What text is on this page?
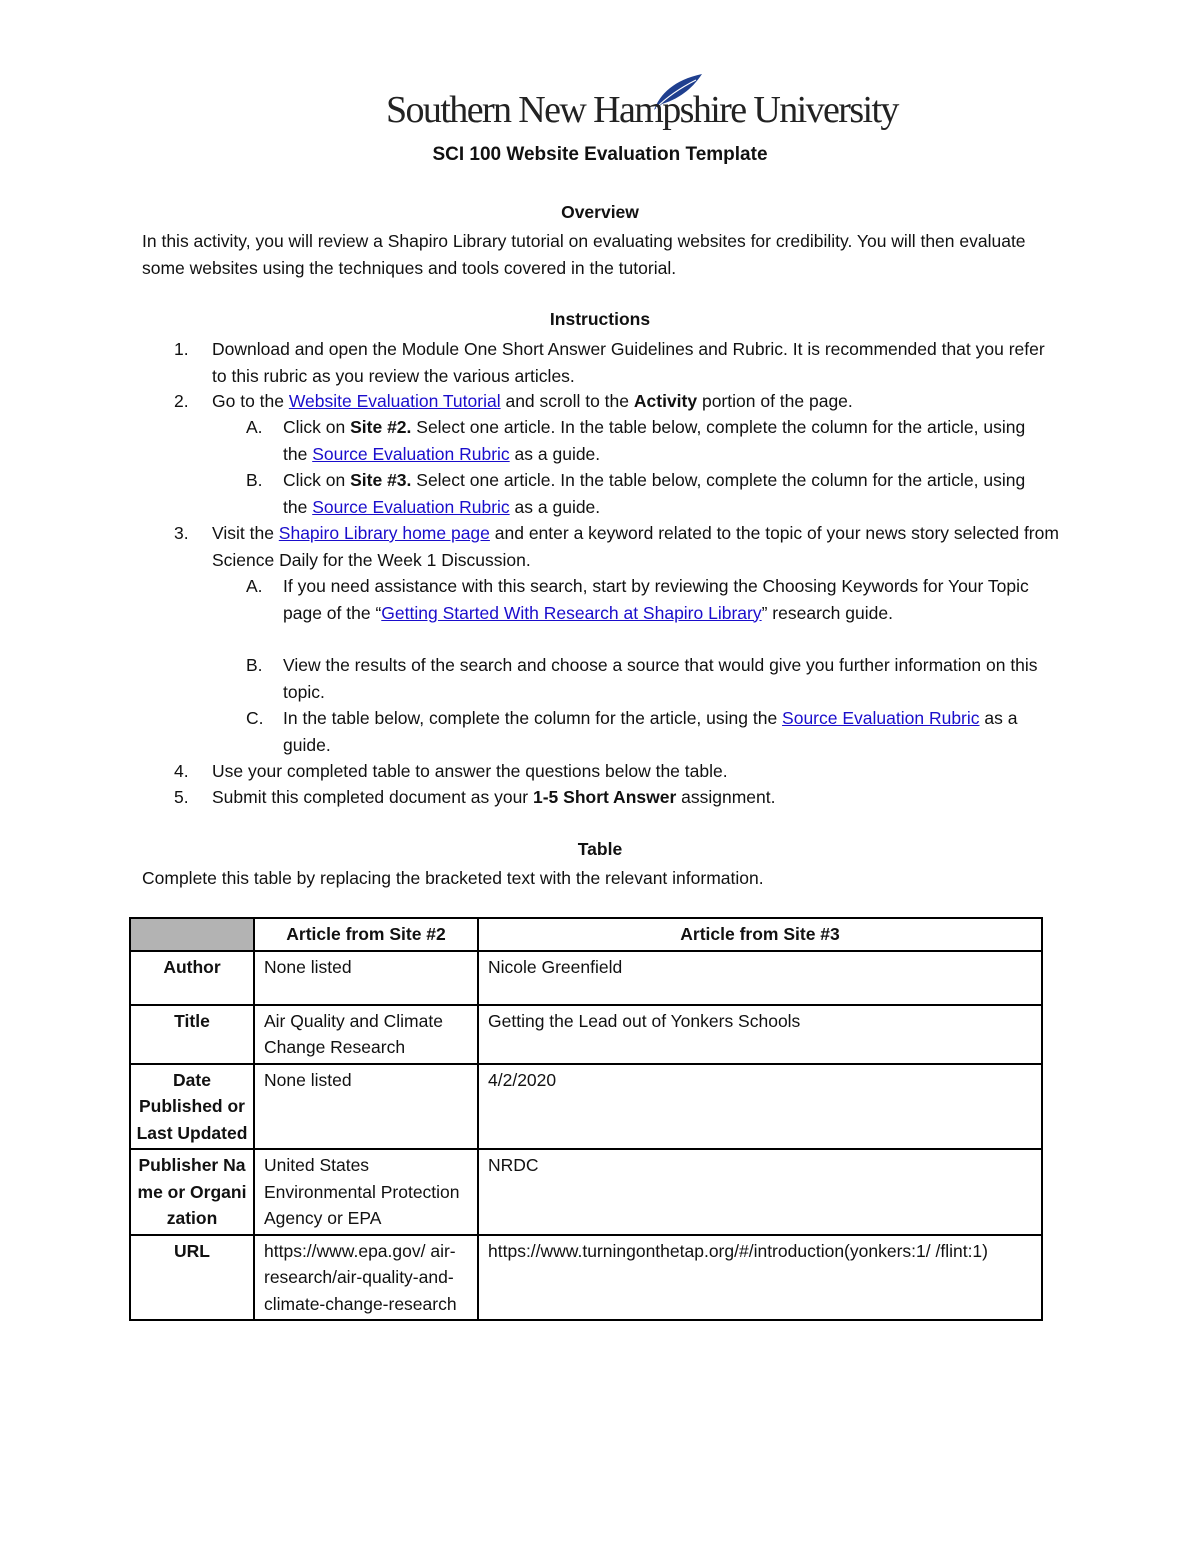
Southern New Hampshire University
SCI 100 Website Evaluation Template
Overview
In this activity, you will review a Shapiro Library tutorial on evaluating websites for credibility. You will then evaluate some websites using the techniques and tools covered in the tutorial.
Instructions
1. Download and open the Module One Short Answer Guidelines and Rubric. It is recommended that you refer to this rubric as you review the various articles.
2. Go to the Website Evaluation Tutorial and scroll to the Activity portion of the page.
A. Click on Site #2. Select one article. In the table below, complete the column for the article, using the Source Evaluation Rubric as a guide.
B. Click on Site #3. Select one article. In the table below, complete the column for the article, using the Source Evaluation Rubric as a guide.
3. Visit the Shapiro Library home page and enter a keyword related to the topic of your news story selected from Science Daily for the Week 1 Discussion.
A. If you need assistance with this search, start by reviewing the Choosing Keywords for Your Topic page of the “Getting Started With Research at Shapiro Library” research guide.
B. View the results of the search and choose a source that would give you further information on this topic.
C. In the table below, complete the column for the article, using the Source Evaluation Rubric as a guide.
4. Use your completed table to answer the questions below the table.
5. Submit this completed document as your 1-5 Short Answer assignment.
Table
Complete this table by replacing the bracketed text with the relevant information.
	Article from Site #2	Article from Site #3
Author	None listed	Nicole Greenfield
Title	Air Quality and Climate Change Research	Getting the Lead out of Yonkers Schools
Date Published or Last Updated	None listed	4/2/2020
Publisher Name or Organization	United States Environmental Protection Agency or EPA	NRDC
URL	https://www.epa.gov/ air-research/air-quality-and-climate-change-research	https://www.turningonthetap.org/#/introduction(yonkers:1/ /flint:1)
